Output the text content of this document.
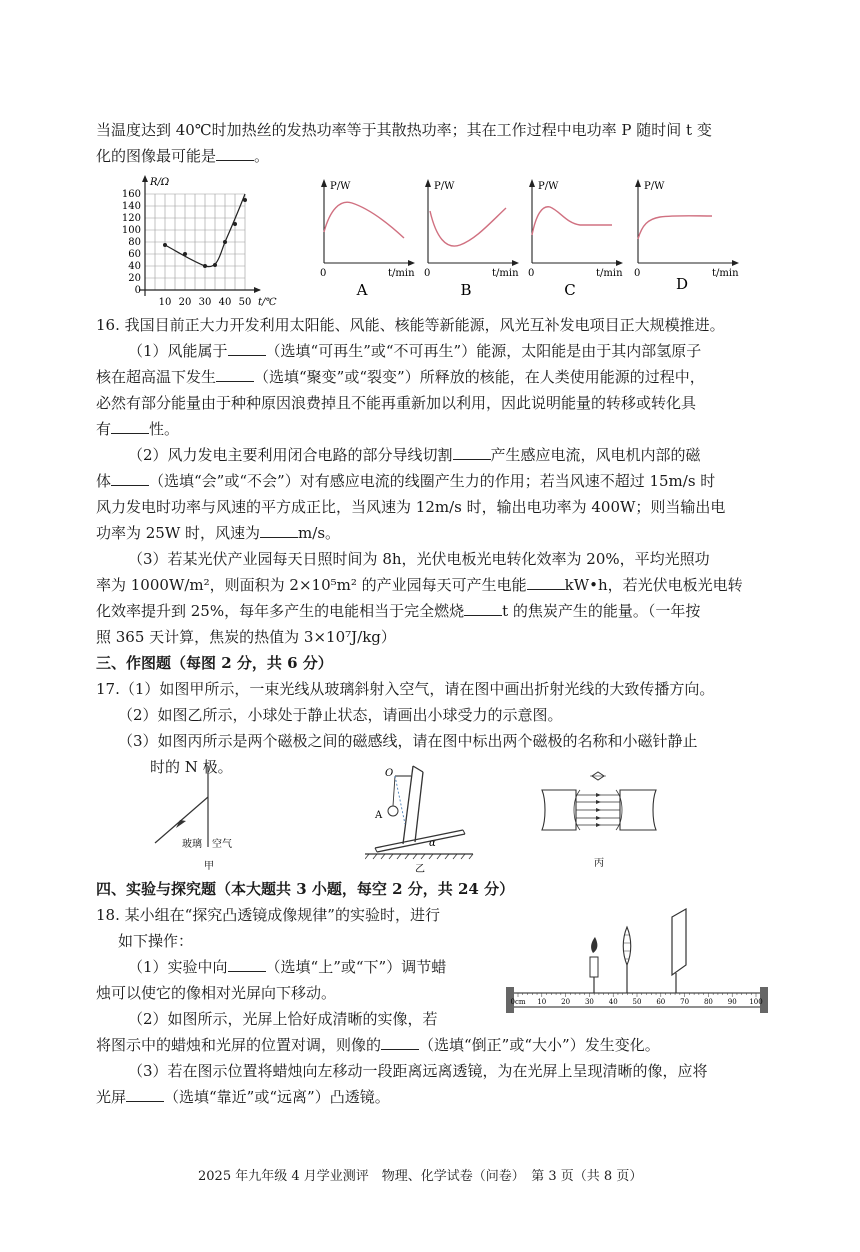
当温度达到 40℃时加热丝的发热功率等于其散热功率；其在工作过程中电功率 P 随时间 t 变
化的图像最可能是	。
R/Ω
0
20
40
60
80
100
120
140
160
10 20 30 40 50 t/℃
P/W
0	t/min
A
P/W
0	t/min
B
P/W
0	t/min
C
P/W
0	t/min
D
16. 我国目前正大力开发利用太阳能、风能、核能等新能源，风光互补发电项目正大规模推进。
（1）风能属于	（选填“可再生”或“不可再生”）能源，太阳能是由于其内部氢原子
核在超高温下发生	（选填“聚变”或“裂变”）所释放的核能，在人类使用能源的过程中，
必然有部分能量由于种种原因浪费掉且不能再重新加以利用，因此说明能量的转移或转化具
有	性。
（2）风力发电主要利用闭合电路的部分导线切割	产生感应电流，风电机内部的磁
体	（选填“会”或“不会”）对有感应电流的线圈产生力的作用；若当风速不超过 15m/s 时
风力发电时功率与风速的平方成正比，当风速为 12m/s 时，输出电功率为 400W；则当输出电
功率为 25W 时，风速为	m/s。
（3）若某光伏产业园每天日照时间为 8h，光伏电板光电转化效率为 20%，平均光照功
率为 1000W/m²，则面积为 2×10⁵m² 的产业园每天可产生电能	kW•h，若光伏电板光电转
化效率提升到 25%，每年多产生的电能相当于完全燃烧	t 的焦炭产生的能量。（一年按
照 365 天计算，焦炭的热值为 3×10⁷J/kg）
三、作图题（每图 2 分，共 6 分）
17.（1）如图甲所示，一束光线从玻璃斜射入空气，请在图中画出折射光线的大致传播方向。
（2）如图乙所示，小球处于静止状态，请画出小球受力的示意图。
（3）如图丙所示是两个磁极之间的磁感线，请在图中标出两个磁极的名称和小磁针静止
时的 N 极。
玻璃 空气
甲
O
A
α
乙
丙
四、实验与探究题（本大题共 3 小题，每空 2 分，共 24 分）
18. 某小组在“探究凸透镜成像规律”的实验时，进行
如下操作：
（1）实验中向	（选填“上”或“下”）调节蜡
烛可以使它的像相对光屏向下移动。
（2）如图所示，光屏上恰好成清晰的实像，若
将图示中的蜡烛和光屏的位置对调，则像的	（选填“倒正”或“大小”）发生变化。
（3）若在图示位置将蜡烛向左移动一段距离远离透镜，为在光屏上呈现清晰的像，应将
光屏	（选填“靠近”或“远离”）凸透镜。
0cm 10 20 30 40 50 60 70 80 90 100
2025 年九年级 4 月学业测评　物理、化学试卷（问卷）　第 3 页（共 8 页）
